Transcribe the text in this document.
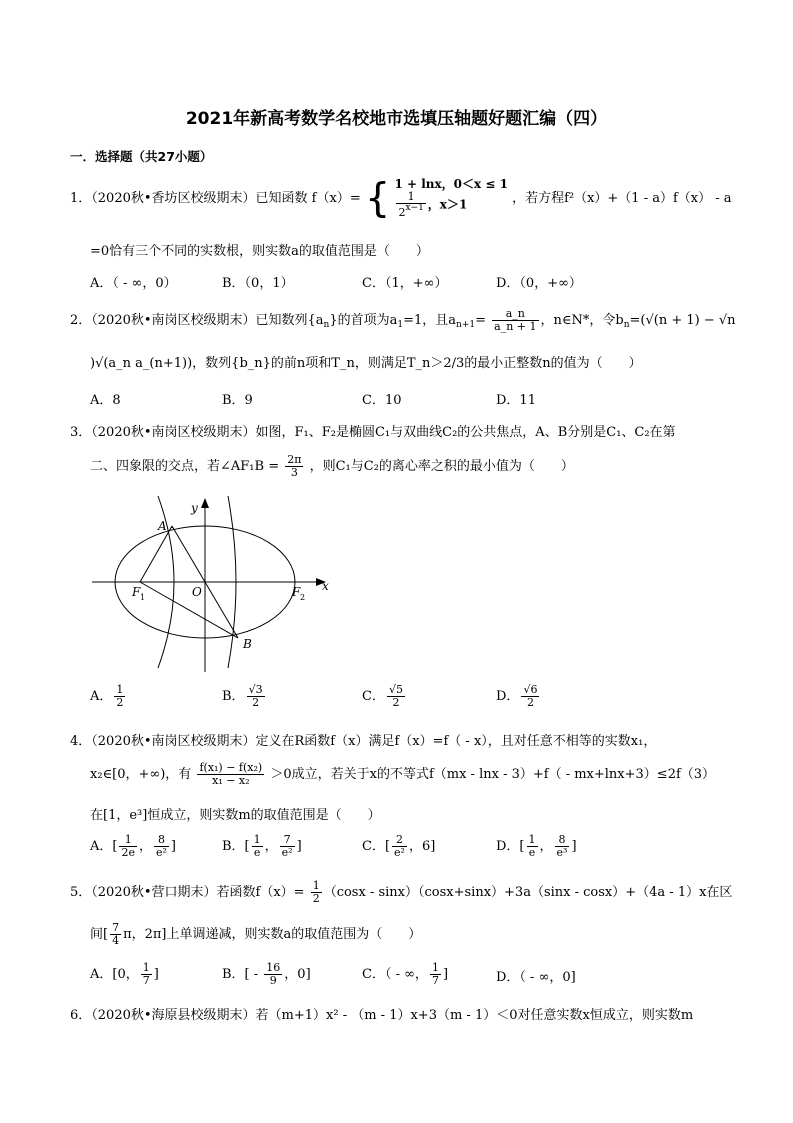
2021年新高考数学名校地市选填压轴题好题汇编（四）
一．选择题（共27小题）
1．（2020秋•香坊区校级期末）已知函数 f（x）= { 1 + lnx，0＜x ≤ 1
$\frac{1}{2^{x-1}}$ ，x＞1	，若方程f²（x）+（1 - a）f（x） - a
=0恰有三个不同的实数根，则实数a的取值范围是（　　）
A．（ - ∞，0）	B．（0，1）	C．（1，+∞）	D．（0，+∞）
2．（2020秋•南岗区校级期末）已知数列$\{a_n\}$的首项为$a_1=1$，且$a_{n+1}= \frac{a\_n}{a\_n + 1}$ ，n∈N*，令$b_n=(√(n + 1) - √n$
)√(a_n a_(n+1))，数列{b_n}的前n项和T_n，则满足T_n＞2/3的最小正整数n的值为（　　）
A．8	B．9	C．10	D．11
3．（2020秋•南岗区校级期末）如图，F₁、F₂是椭圆C₁与双曲线C₂的公共焦点，A、B分别是C₁、C₂在第
二、四象限的交点，若∠AF₁B = $\frac{2\pi}{3}$ ，则C₁与C₂的离心率之积的最小值为（　　）
y
x
A
B
O
F 1	F 2
A． $\frac{1}{2}$	B． $\frac{√3}{2}$	C． $\frac{√5}{2}$	D． $\frac{√6}{2}$
4．（2020秋•南岗区校级期末）定义在R函数f（x）满足f（x）=f（ - x），且对任意不相等的实数x₁，
x₂∈[0，+∞)，有 $\frac{\text{f(x₁) − f(x₂)}}{\text{x₁ − x₂}} >0$成立，若关于x的不等式f（mx - lnx - 3）+f（ - mx+lnx+3）≤2f（3）
在[1，e³]恒成立，则实数m的取值范围是（　　）
A．[ $\frac{1}{2e}$ ， $\frac{8}{\text{e²}}$ ]	B．[ $\frac{1}{e}$ ， $\frac{7}{\text{e²}}$ ]	C．[ $\frac{2}{\text{e²}}$ ，6]	D．[ $\frac{1}{e}$ ， $\frac{8}{\text{e³}}$ ]
5．（2020秋•营口期末）若函数$f(x)= \frac{1}{2} (\cos x - \sin x)(\cos x+\sin x)+3a(\sin x - \cos x)+(4a - 1)x$在区
间[ $\frac{7}{4}$ π，2π]上单调递减，则实数a的取值范围为（　　）
A．[0， $\frac{1}{7}$ ]	B．[ - $\frac{16}{9}$ ，0]	C．（ - ∞， $\frac{1}{7}$ ]	D．（ - ∞，0]
6．（2020秋•海原县校级期末）若（m+1）x² - （m - 1）x+3（m - 1）＜0对任意实数x恒成立，则实数m
